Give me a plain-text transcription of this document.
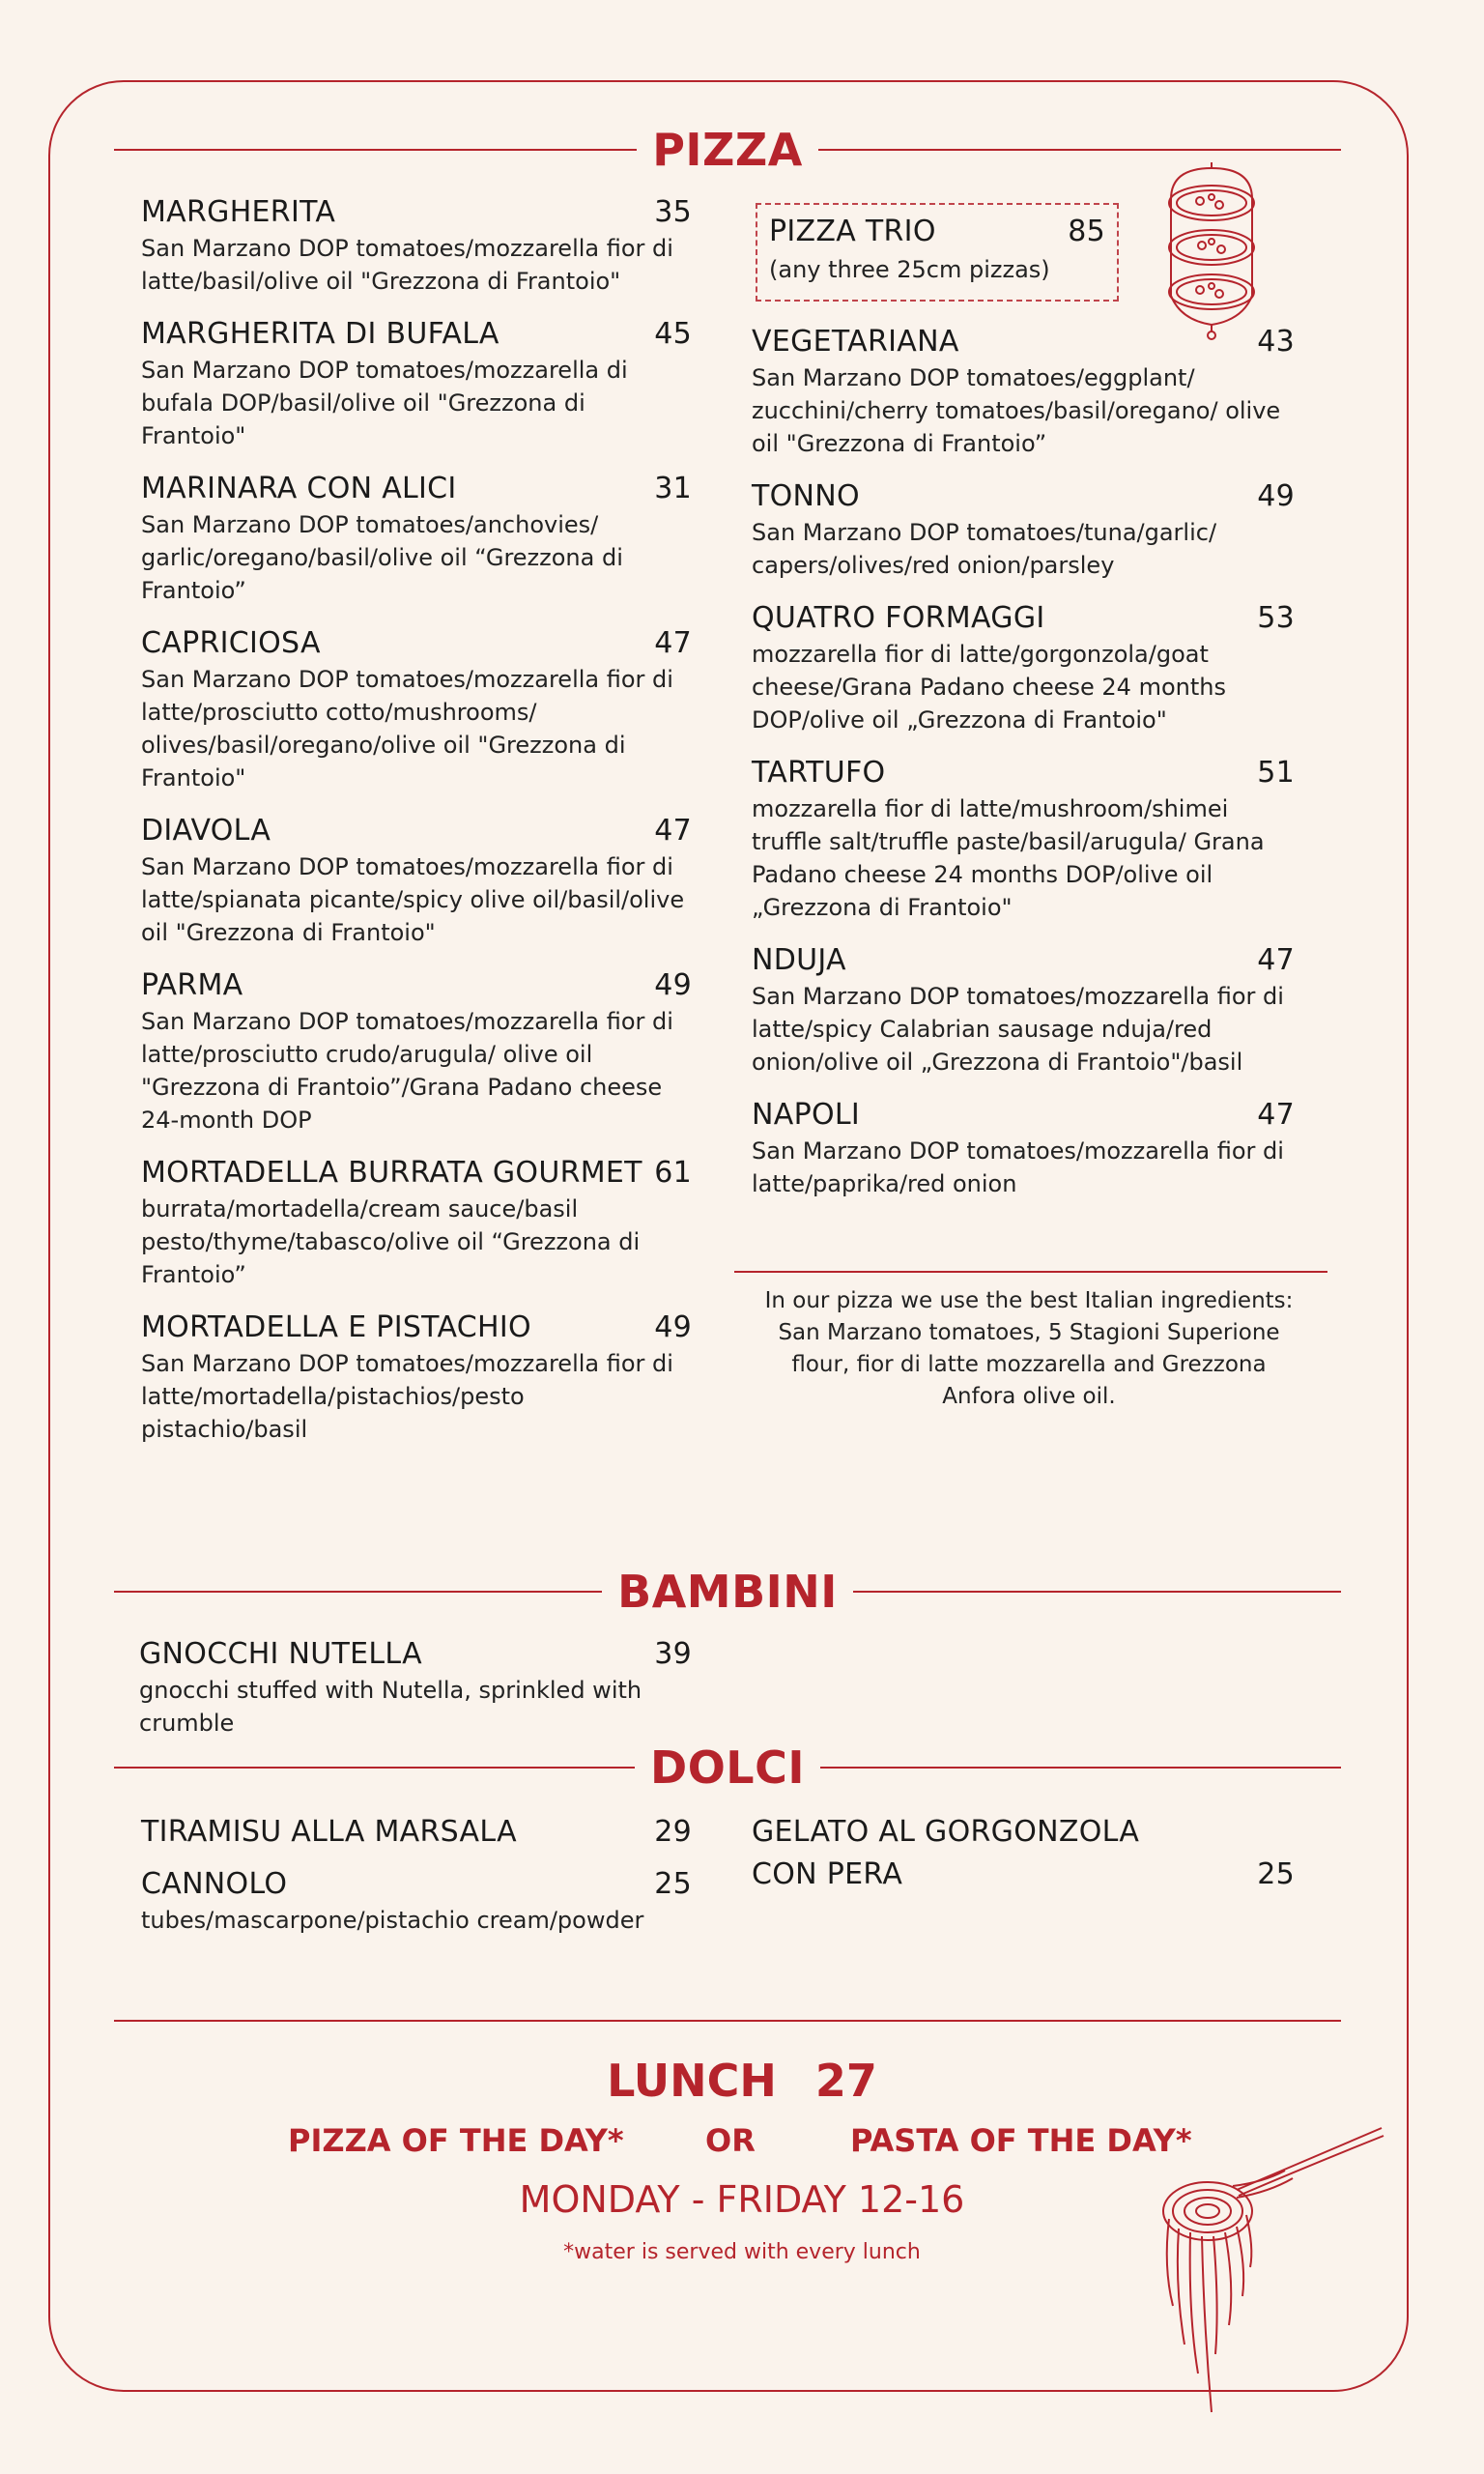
PIZZA
MARGHERITA	35
San Marzano DOP tomatoes/mozzarella fior di latte/basil/olive oil "Grezzona di Frantoio"
MARGHERITA DI BUFALA	45
San Marzano DOP tomatoes/mozzarella di bufala DOP/basil/olive oil "Grezzona di Frantoio"
MARINARA CON ALICI	31
San Marzano DOP tomatoes/anchovies/ garlic/oregano/basil/olive oil “Grezzona di Frantoio”
CAPRICIOSA	47
San Marzano DOP tomatoes/mozzarella fior di latte/prosciutto cotto/mushrooms/ olives/basil/oregano/olive oil "Grezzona di Frantoio"
DIAVOLA	47
San Marzano DOP tomatoes/mozzarella fior di latte/spianata picante/spicy olive oil/basil/olive oil "Grezzona di Frantoio"
PARMA	49
San Marzano DOP tomatoes/mozzarella fior di latte/prosciutto crudo/arugula/ olive oil "Grezzona di Frantoio”/Grana Padano cheese 24-month DOP
MORTADELLA BURRATA GOURMET 61
burrata/mortadella/cream sauce/basil pesto/thyme/tabasco/olive oil “Grezzona di Frantoio”
MORTADELLA E PISTACHIO	49
San Marzano DOP tomatoes/mozzarella fior di latte/mortadella/pistachios/pesto pistachio/basil
PIZZA TRIO	85
(any three 25cm pizzas)
VEGETARIANA	43
San Marzano DOP tomatoes/eggplant/ zucchini/cherry tomatoes/basil/oregano/ olive oil "Grezzona di Frantoio”
TONNO	49
San Marzano DOP tomatoes/tuna/garlic/ capers/olives/red onion/parsley
QUATRO FORMAGGI	53
mozzarella fior di latte/gorgonzola/goat cheese/Grana Padano cheese 24 months DOP/olive oil „Grezzona di Frantoio"
TARTUFO	51
mozzarella fior di latte/mushroom/shimei truffle salt/truffle paste/basil/arugula/ Grana Padano cheese 24 months DOP/olive oil „Grezzona di Frantoio"
NDUJA	47
San Marzano DOP tomatoes/mozzarella fior di latte/spicy Calabrian sausage nduja/red onion/olive oil „Grezzona di Frantoio"/basil
NAPOLI	47
San Marzano DOP tomatoes/mozzarella fior di latte/paprika/red onion
In our pizza we use the best Italian ingredients: San Marzano tomatoes, 5 Stagioni Superione flour, fior di latte mozzarella and Grezzona Anfora olive oil.
BAMBINI
GNOCCHI NUTELLA	39
gnocchi stuffed with Nutella, sprinkled with crumble
DOLCI
TIRAMISU ALLA MARSALA	29
CANNOLO	25
tubes/mascarpone/pistachio cream/powder
GELATO AL GORGONZOLA
CON PERA	25
LUNCH 27
PIZZA OF THE DAY*	OR	PASTA OF THE DAY*
MONDAY - FRIDAY 12-16
*water is served with every lunch
